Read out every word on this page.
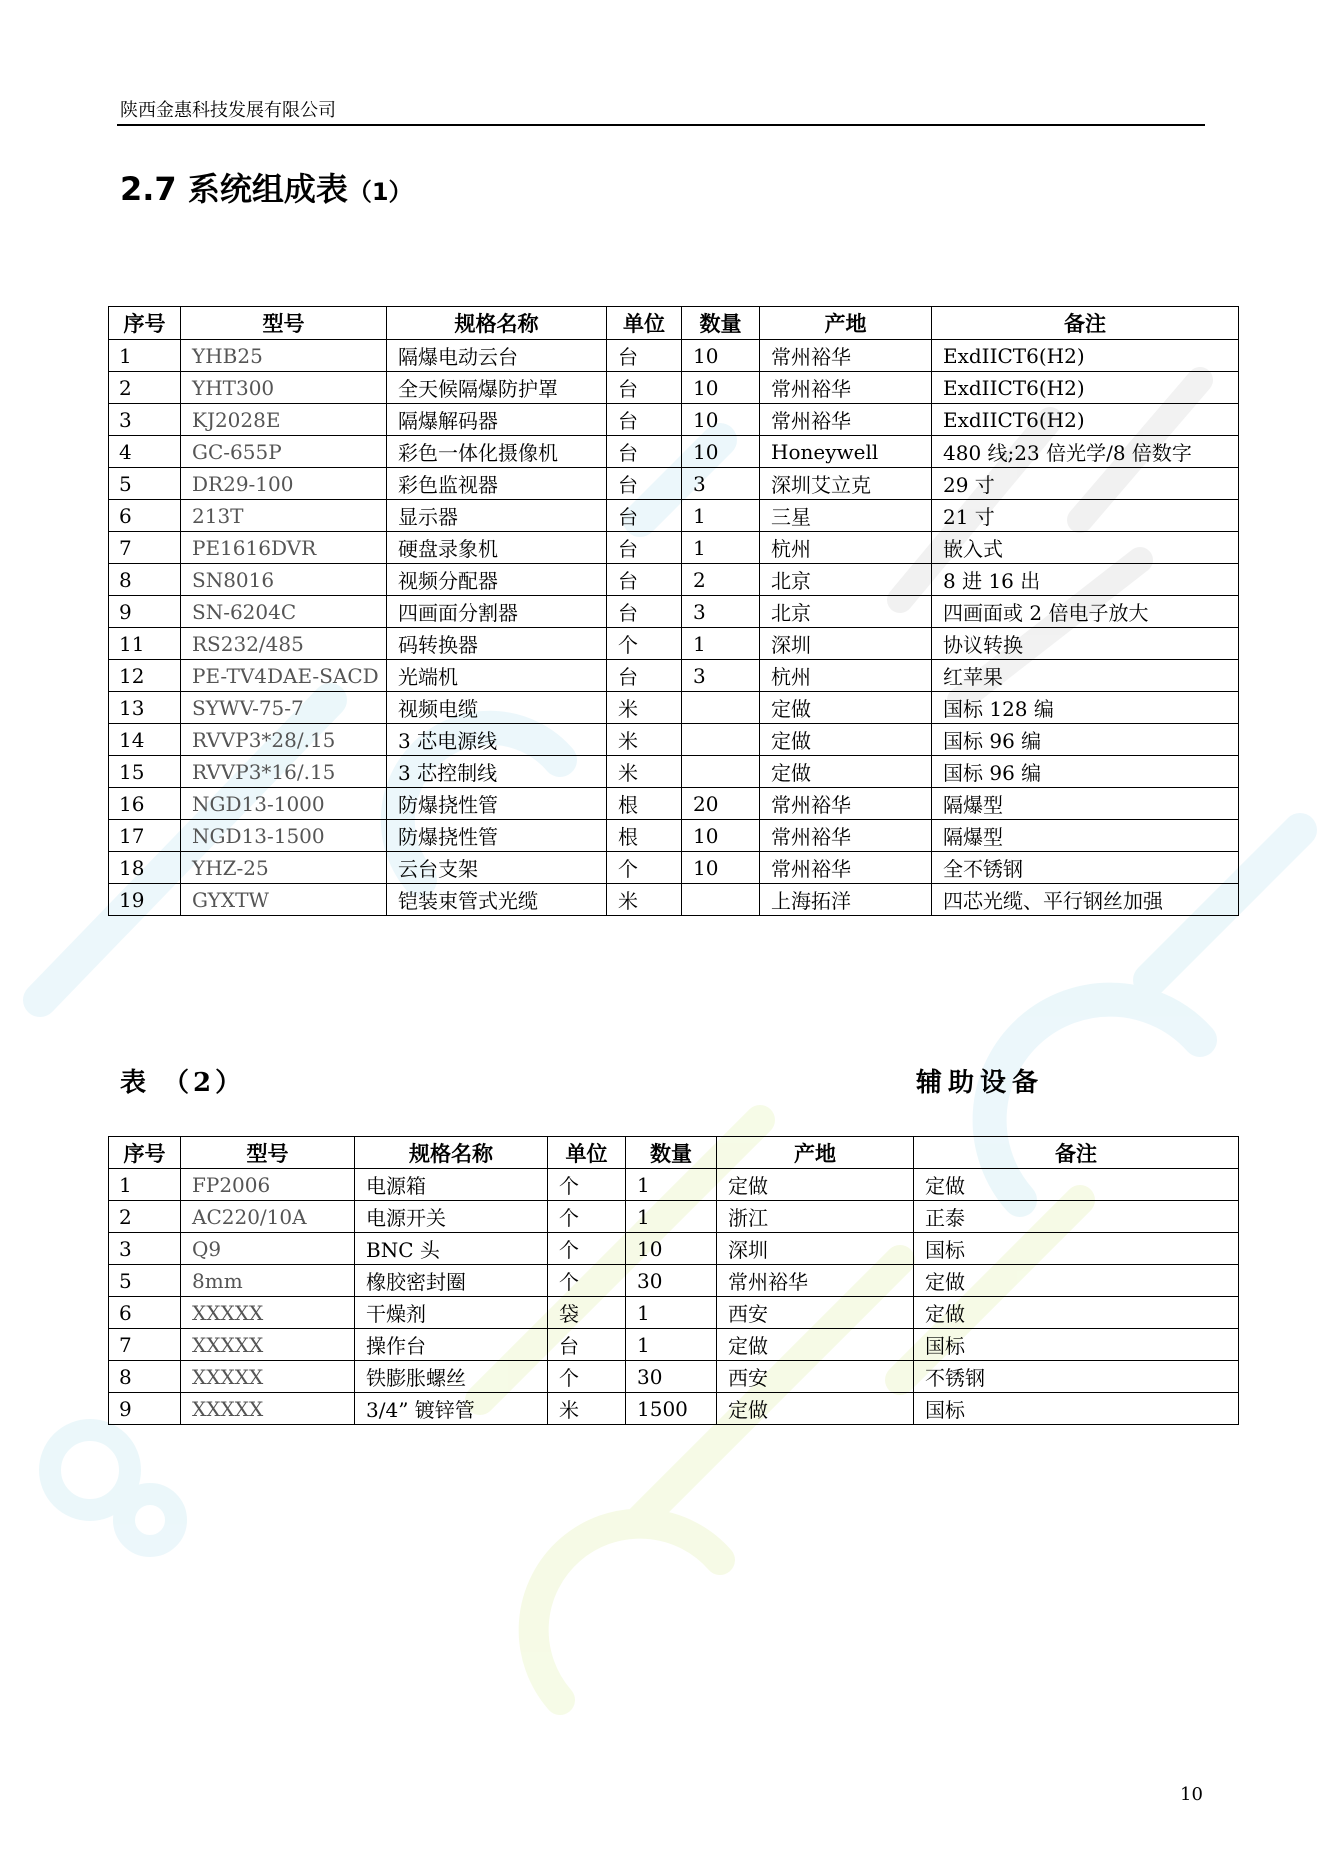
陕西金惠科技发展有限公司
2.7 系统组成表（1）
序号	型号	规格名称	单位	数量	产地	备注
1	YHB25	隔爆电动云台	台	10	常州裕华	ExdIICT6(H2)
2	YHT300	全天候隔爆防护罩	台	10	常州裕华	ExdIICT6(H2)
3	KJ2028E	隔爆解码器	台	10	常州裕华	ExdIICT6(H2)
4	GC-655P	彩色一体化摄像机	台	10	Honeywell	480 线;23 倍光学/8 倍数字
5	DR29-100	彩色监视器	台	3	深圳艾立克	29 寸
6	213T	显示器	台	1	三星	21 寸
7	PE1616DVR	硬盘录象机	台	1	杭州	嵌入式
8	SN8016	视频分配器	台	2	北京	8 进 16 出
9	SN-6204C	四画面分割器	台	3	北京	四画面或 2 倍电子放大
11	RS232/485	码转换器	个	1	深圳	协议转换
12	PE-TV4DAE-SACD	光端机	台	3	杭州	红苹果
13	SYWV-75-7	视频电缆	米		定做	国标 128 编
14	RVVP3*28/.15	3 芯电源线	米		定做	国标 96 编
15	RVVP3*16/.15	3 芯控制线	米		定做	国标 96 编
16	NGD13-1000	防爆挠性管	根	20	常州裕华	隔爆型
17	NGD13-1500	防爆挠性管	根	10	常州裕华	隔爆型
18	YHZ-25	云台支架	个	10	常州裕华	全不锈钢
19	GYXTW	铠装束管式光缆	米		上海拓洋	四芯光缆、平行钢丝加强
表 （2）	辅助设备
序号	型号	规格名称	单位	数量	产地	备注
1	FP2006	电源箱	个	1	定做	定做
2	AC220/10A	电源开关	个	1	浙江	正泰
3	Q9	BNC 头	个	10	深圳	国标
5	8mm	橡胶密封圈	个	30	常州裕华	定做
6	XXXXX	干燥剂	袋	1	西安	定做
7	XXXXX	操作台	台	1	定做	国标
8	XXXXX	铁膨胀螺丝	个	30	西安	不锈钢
9	XXXXX	3/4” 镀锌管	米	1500	定做	国标
10
